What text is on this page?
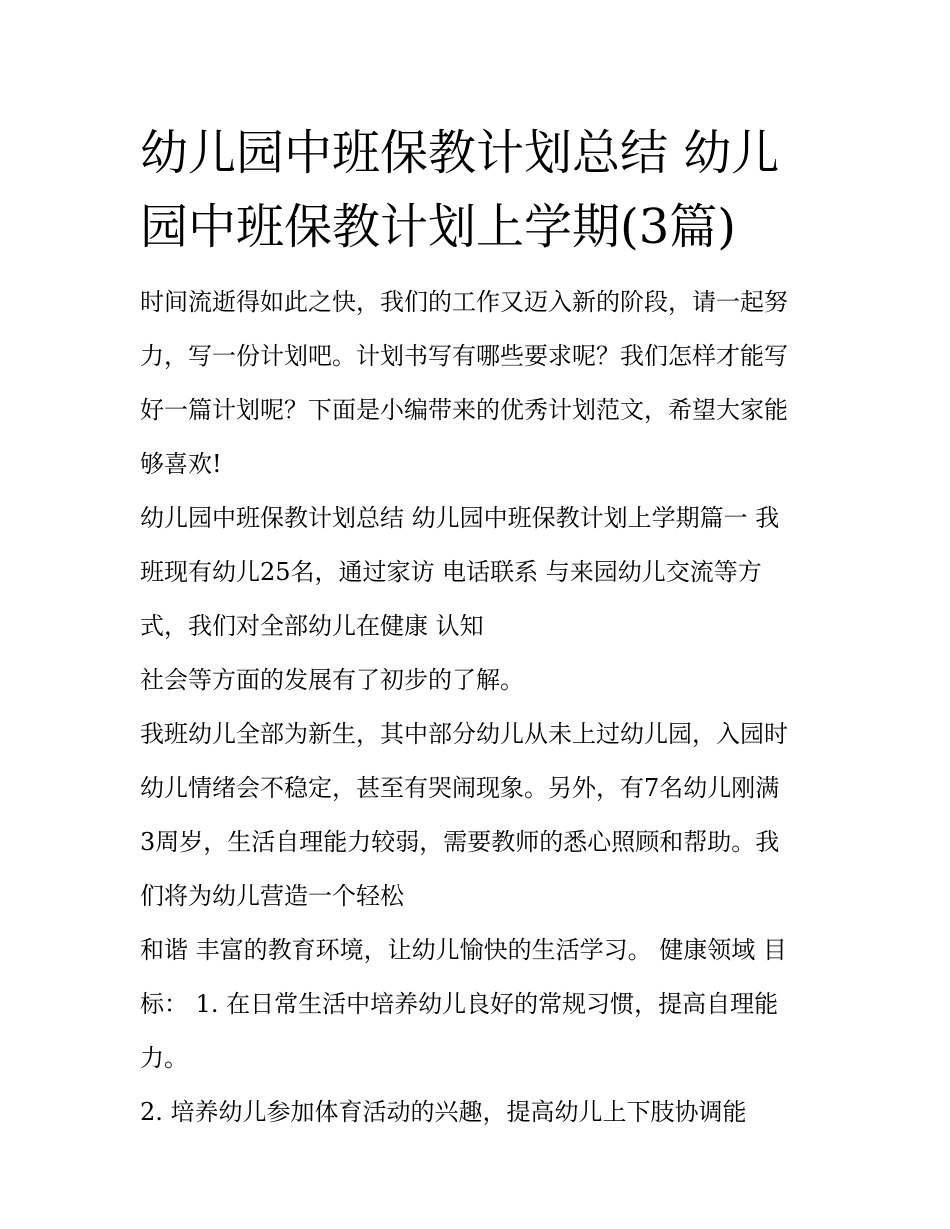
幼儿园中班保教计划总结 幼儿
园中班保教计划上学期(3篇)
时间流逝得如此之快，我们的工作又迈入新的阶段，请一起努
力，写一份计划吧。计划书写有哪些要求呢？我们怎样才能写
好一篇计划呢？下面是小编带来的优秀计划范文，希望大家能
够喜欢!
幼儿园中班保教计划总结 幼儿园中班保教计划上学期篇一 我
班现有幼儿25名，通过家访 电话联系 与来园幼儿交流等方
式，我们对全部幼儿在健康 认知
社会等方面的发展有了初步的了解。
我班幼儿全部为新生，其中部分幼儿从未上过幼儿园，入园时
幼儿情绪会不稳定，甚至有哭闹现象。另外，有7名幼儿刚满
3周岁，生活自理能力较弱，需要教师的悉心照顾和帮助。我
们将为幼儿营造一个轻松
和谐 丰富的教育环境，让幼儿愉快的生活学习。 健康领域 目
标： 1. 在日常生活中培养幼儿良好的常规习惯，提高自理能
力。
2. 培养幼儿参加体育活动的兴趣，提高幼儿上下肢协调能
